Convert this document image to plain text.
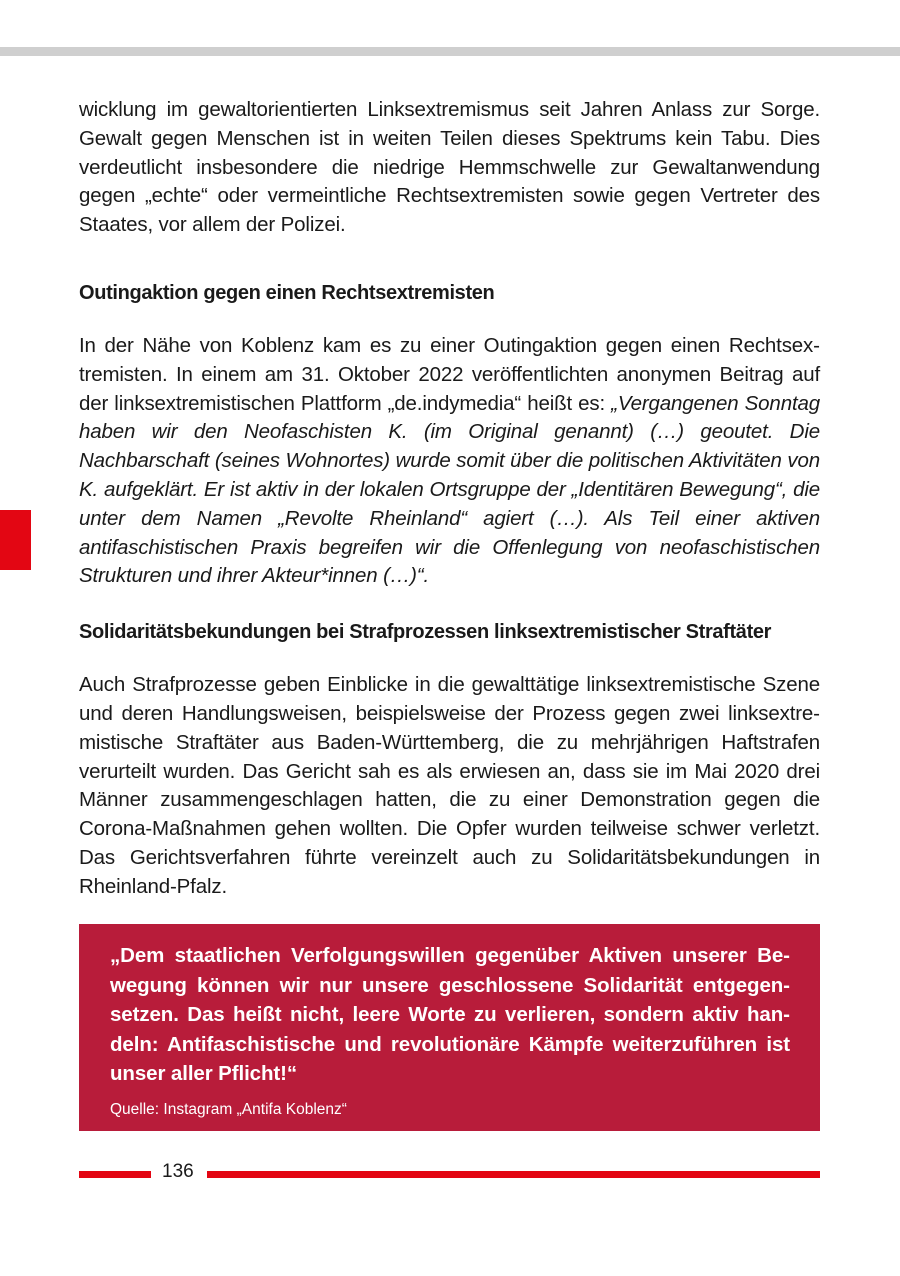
wicklung im gewaltorientierten Linksextremismus seit Jahren Anlass zur Sorge. Gewalt gegen Menschen ist in weiten Teilen dieses Spektrums kein Tabu. Dies verdeutlicht insbesondere die niedrige Hemmschwelle zur Gewaltanwendung gegen „echte“ oder vermeintliche Rechtsextremisten sowie gegen Vertreter des Staates, vor allem der Polizei.

Outingaktion gegen einen Rechtsextremisten

In der Nähe von Koblenz kam es zu einer Outingaktion gegen einen Rechtsextremisten. In einem am 31. Oktober 2022 veröffentlichten anonymen Beitrag auf der linksextremistischen Plattform „de.indymedia“ heißt es: „Vergangenen Sonntag haben wir den Neofaschisten K. (im Original genannt) (…) geoutet. Die Nachbarschaft (seines Wohnortes) wurde somit über die politischen Aktivitäten von K. aufgeklärt. Er ist aktiv in der lokalen Ortsgruppe der „Identitären Bewegung“, die unter dem Namen „Revolte Rheinland“ agiert (…). Als Teil einer aktiven antifaschistischen Praxis begreifen wir die Offenlegung von neofaschistischen Strukturen und ihrer Akteur*innen (…)“.

Solidaritätsbekundungen bei Strafprozessen linksextremistischer Straftäter

Auch Strafprozesse geben Einblicke in die gewalttätige linksextremistische Szene und deren Handlungsweisen, beispielsweise der Prozess gegen zwei linksextremistische Straftäter aus Baden-Württemberg, die zu mehrjährigen Haftstrafen verurteilt wurden. Das Gericht sah es als erwiesen an, dass sie im Mai 2020 drei Männer zusammengeschlagen hatten, die zu einer Demonstration gegen die Corona-Maßnahmen gehen wollten. Die Opfer wurden teilweise schwer verletzt. Das Gerichtsverfahren führte vereinzelt auch zu Solidaritätsbekundungen in Rheinland-Pfalz.

„Dem staatlichen Verfolgungswillen gegenüber Aktiven unserer Bewegung können wir nur unsere geschlossene Solidarität entgegensetzen. Das heißt nicht, leere Worte zu verlieren, sondern aktiv handeln: Antifaschistische und revolutionäre Kämpfe weiterzuführen ist unser aller Pflicht!“

Quelle: Instagram „Antifa Koblenz“

136
